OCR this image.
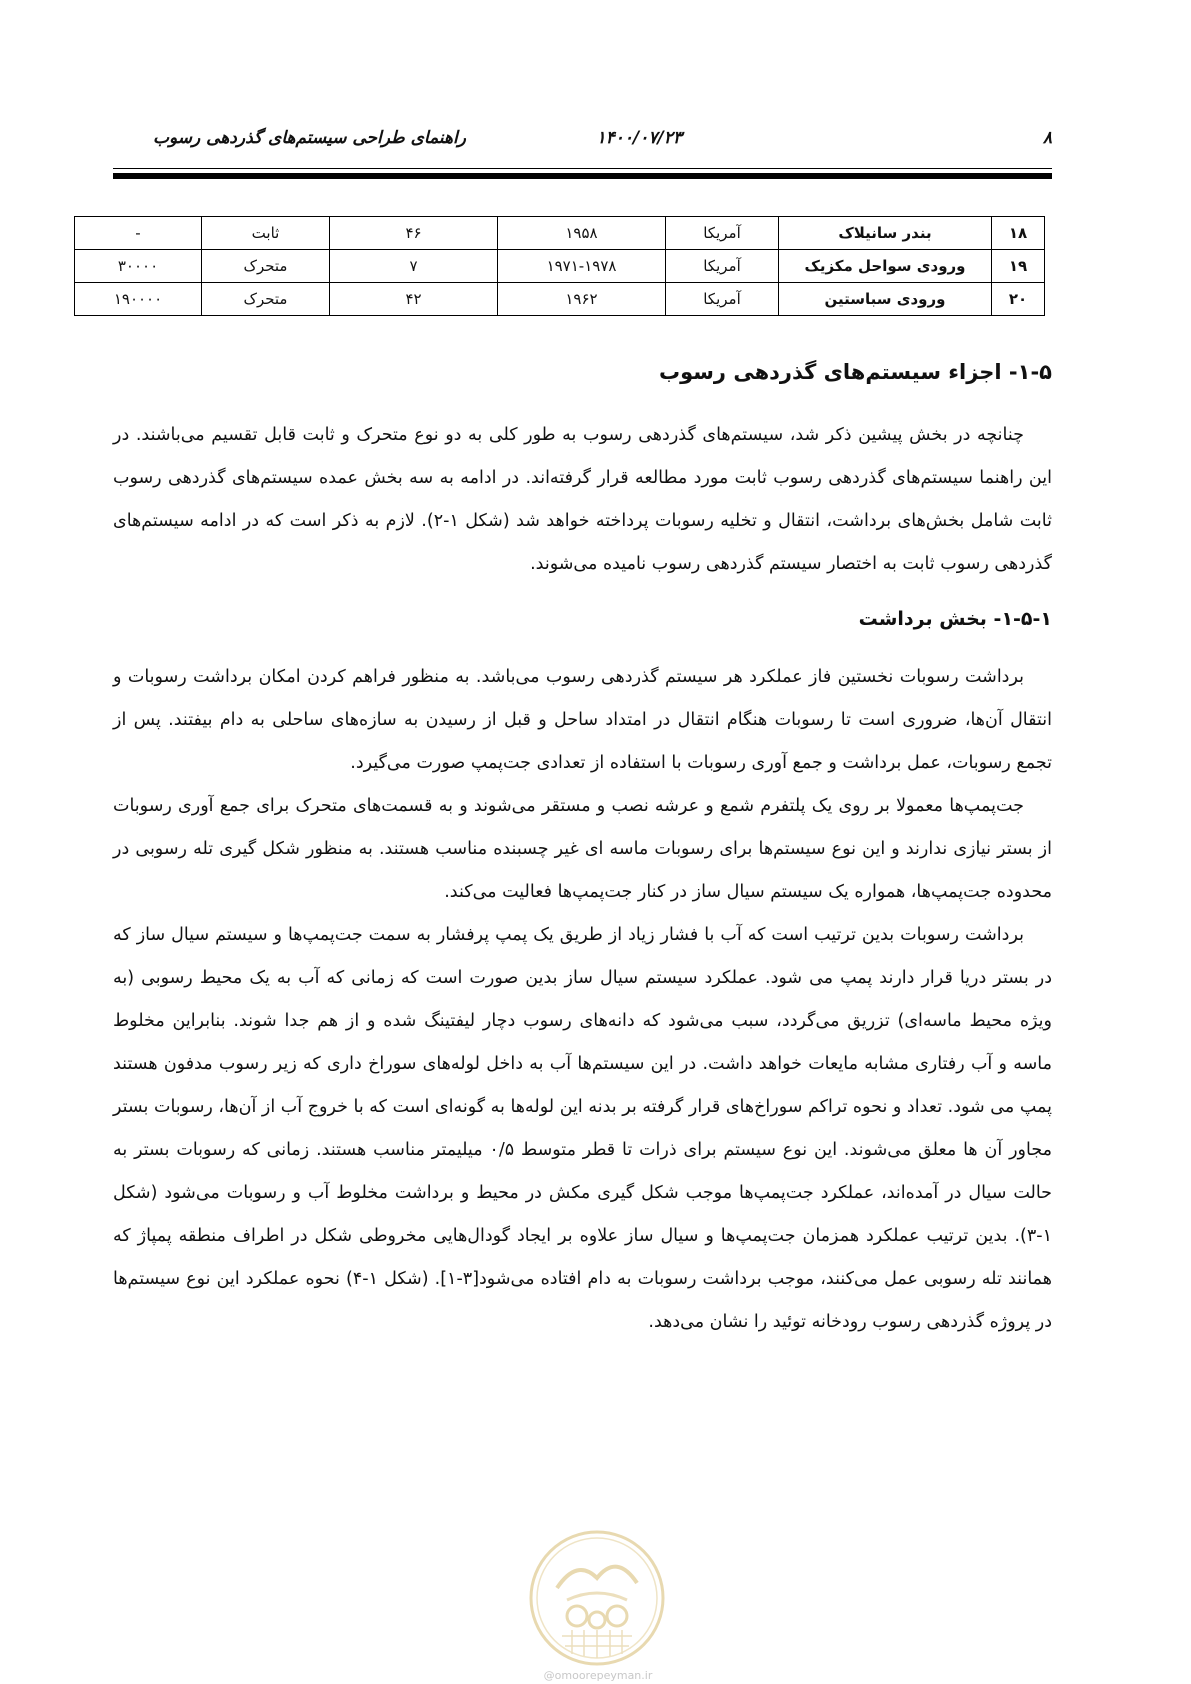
۸
۱۴۰۰/۰۷/۲۳
راهنمای طراحی سیستم‌های گذردهی رسوب
۱۸	بندر سانیلاک	آمریکا	۱۹۵۸	۴۶	ثابت	-
۱۹	ورودی سواحل مکزیک	آمریکا	۱۹۷۱-۱۹۷۸	۷	متحرک	۳۰۰۰۰
۲۰	ورودی سباستین	آمریکا	۱۹۶۲	۴۲	متحرک	۱۹۰۰۰۰
۱-۵- اجزاء سیستم‌های گذردهی رسوب

چنانچه در بخش پیشین ذکر شد، سیستم‌های گذردهی رسوب به طور کلی به دو نوع متحرک و ثابت قابل تقسیم می‌باشند. در این راهنما سیستم‌های گذردهی رسوب ثابت مورد مطالعه قرار گرفته‌اند. در ادامه به سه بخش عمده سیستم‌های گذردهی رسوب ثابت شامل بخش‌های برداشت، انتقال و تخلیه رسوبات پرداخته خواهد شد (شکل ۱-۲). لازم به ذکر است که در ادامه سیستم‌های گذردهی رسوب ثابت به اختصار سیستم گذردهی رسوب نامیده می‌شوند.

۱-۵-۱- بخش برداشت

برداشت رسوبات نخستین فاز عملکرد هر سیستم گذردهی رسوب می‌باشد. به منظور فراهم کردن امکان برداشت رسوبات و انتقال آن‌ها، ضروری است تا رسوبات هنگام انتقال در امتداد ساحل و قبل از رسیدن به سازه‌های ساحلی به دام بیفتند. پس از تجمع رسوبات، عمل برداشت و جمع آوری رسوبات با استفاده از تعدادی جت‌پمپ صورت می‌گیرد.

جت‌پمپ‌ها معمولا بر روی یک پلتفرم شمع و عرشه نصب و مستقر می‌شوند و به قسمت‌های متحرک برای جمع آوری رسوبات از بستر نیازی ندارند و این نوع سیستم‌ها برای رسوبات ماسه ای غیر چسبنده مناسب هستند. به منظور شکل گیری تله رسوبی در محدوده جت‌پمپ‌ها، همواره یک سیستم سیال ساز در کنار جت‌پمپ‌ها فعالیت می‌کند.

برداشت رسوبات بدین ترتیب است که آب با فشار زیاد از طریق یک پمپ پرفشار به سمت جت‌پمپ‌ها و سیستم سیال ساز که در بستر دریا قرار دارند پمپ می شود. عملکرد سیستم سیال ساز بدین صورت است که زمانی که آب به یک محیط رسوبی (به ویژه محیط ماسه‌ای) تزریق می‌گردد، سبب می‌شود که دانه‌های رسوب دچار لیفتینگ شده و از هم جدا شوند. بنابراین مخلوط ماسه و آب رفتاری مشابه مایعات خواهد داشت. در این سیستم‌ها آب به داخل لوله‌های سوراخ داری که زیر رسوب مدفون هستند پمپ می شود. تعداد و نحوه تراکم سوراخ‌های قرار گرفته بر بدنه این لوله‌ها به گونه‌ای است که با خروج آب از آن‌ها، رسوبات بستر مجاور آن ها معلق می‌شوند. این نوع سیستم برای ذرات تا قطر متوسط ۰/۵ میلیمتر مناسب هستند. زمانی که رسوبات بستر به حالت سیال در آمده‌اند، عملکرد جت‌پمپ‌ها موجب شکل گیری مکش در محیط و برداشت مخلوط آب و رسوبات می‌شود (شکل ۱-۳). بدین ترتیب عملکرد همزمان جت‌پمپ‌ها و سیال ساز علاوه بر ایجاد گودال‌هایی مخروطی شکل در اطراف منطقه پمپاژ که همانند تله رسوبی عمل می‌کنند، موجب برداشت رسوبات به دام افتاده می‌شود[۳-۱]. (شکل ۱-۴) نحوه عملکرد این نوع سیستم‌ها در پروژه گذردهی رسوب رودخانه توئید را نشان می‌دهد.

@omoorepeyman.ir
